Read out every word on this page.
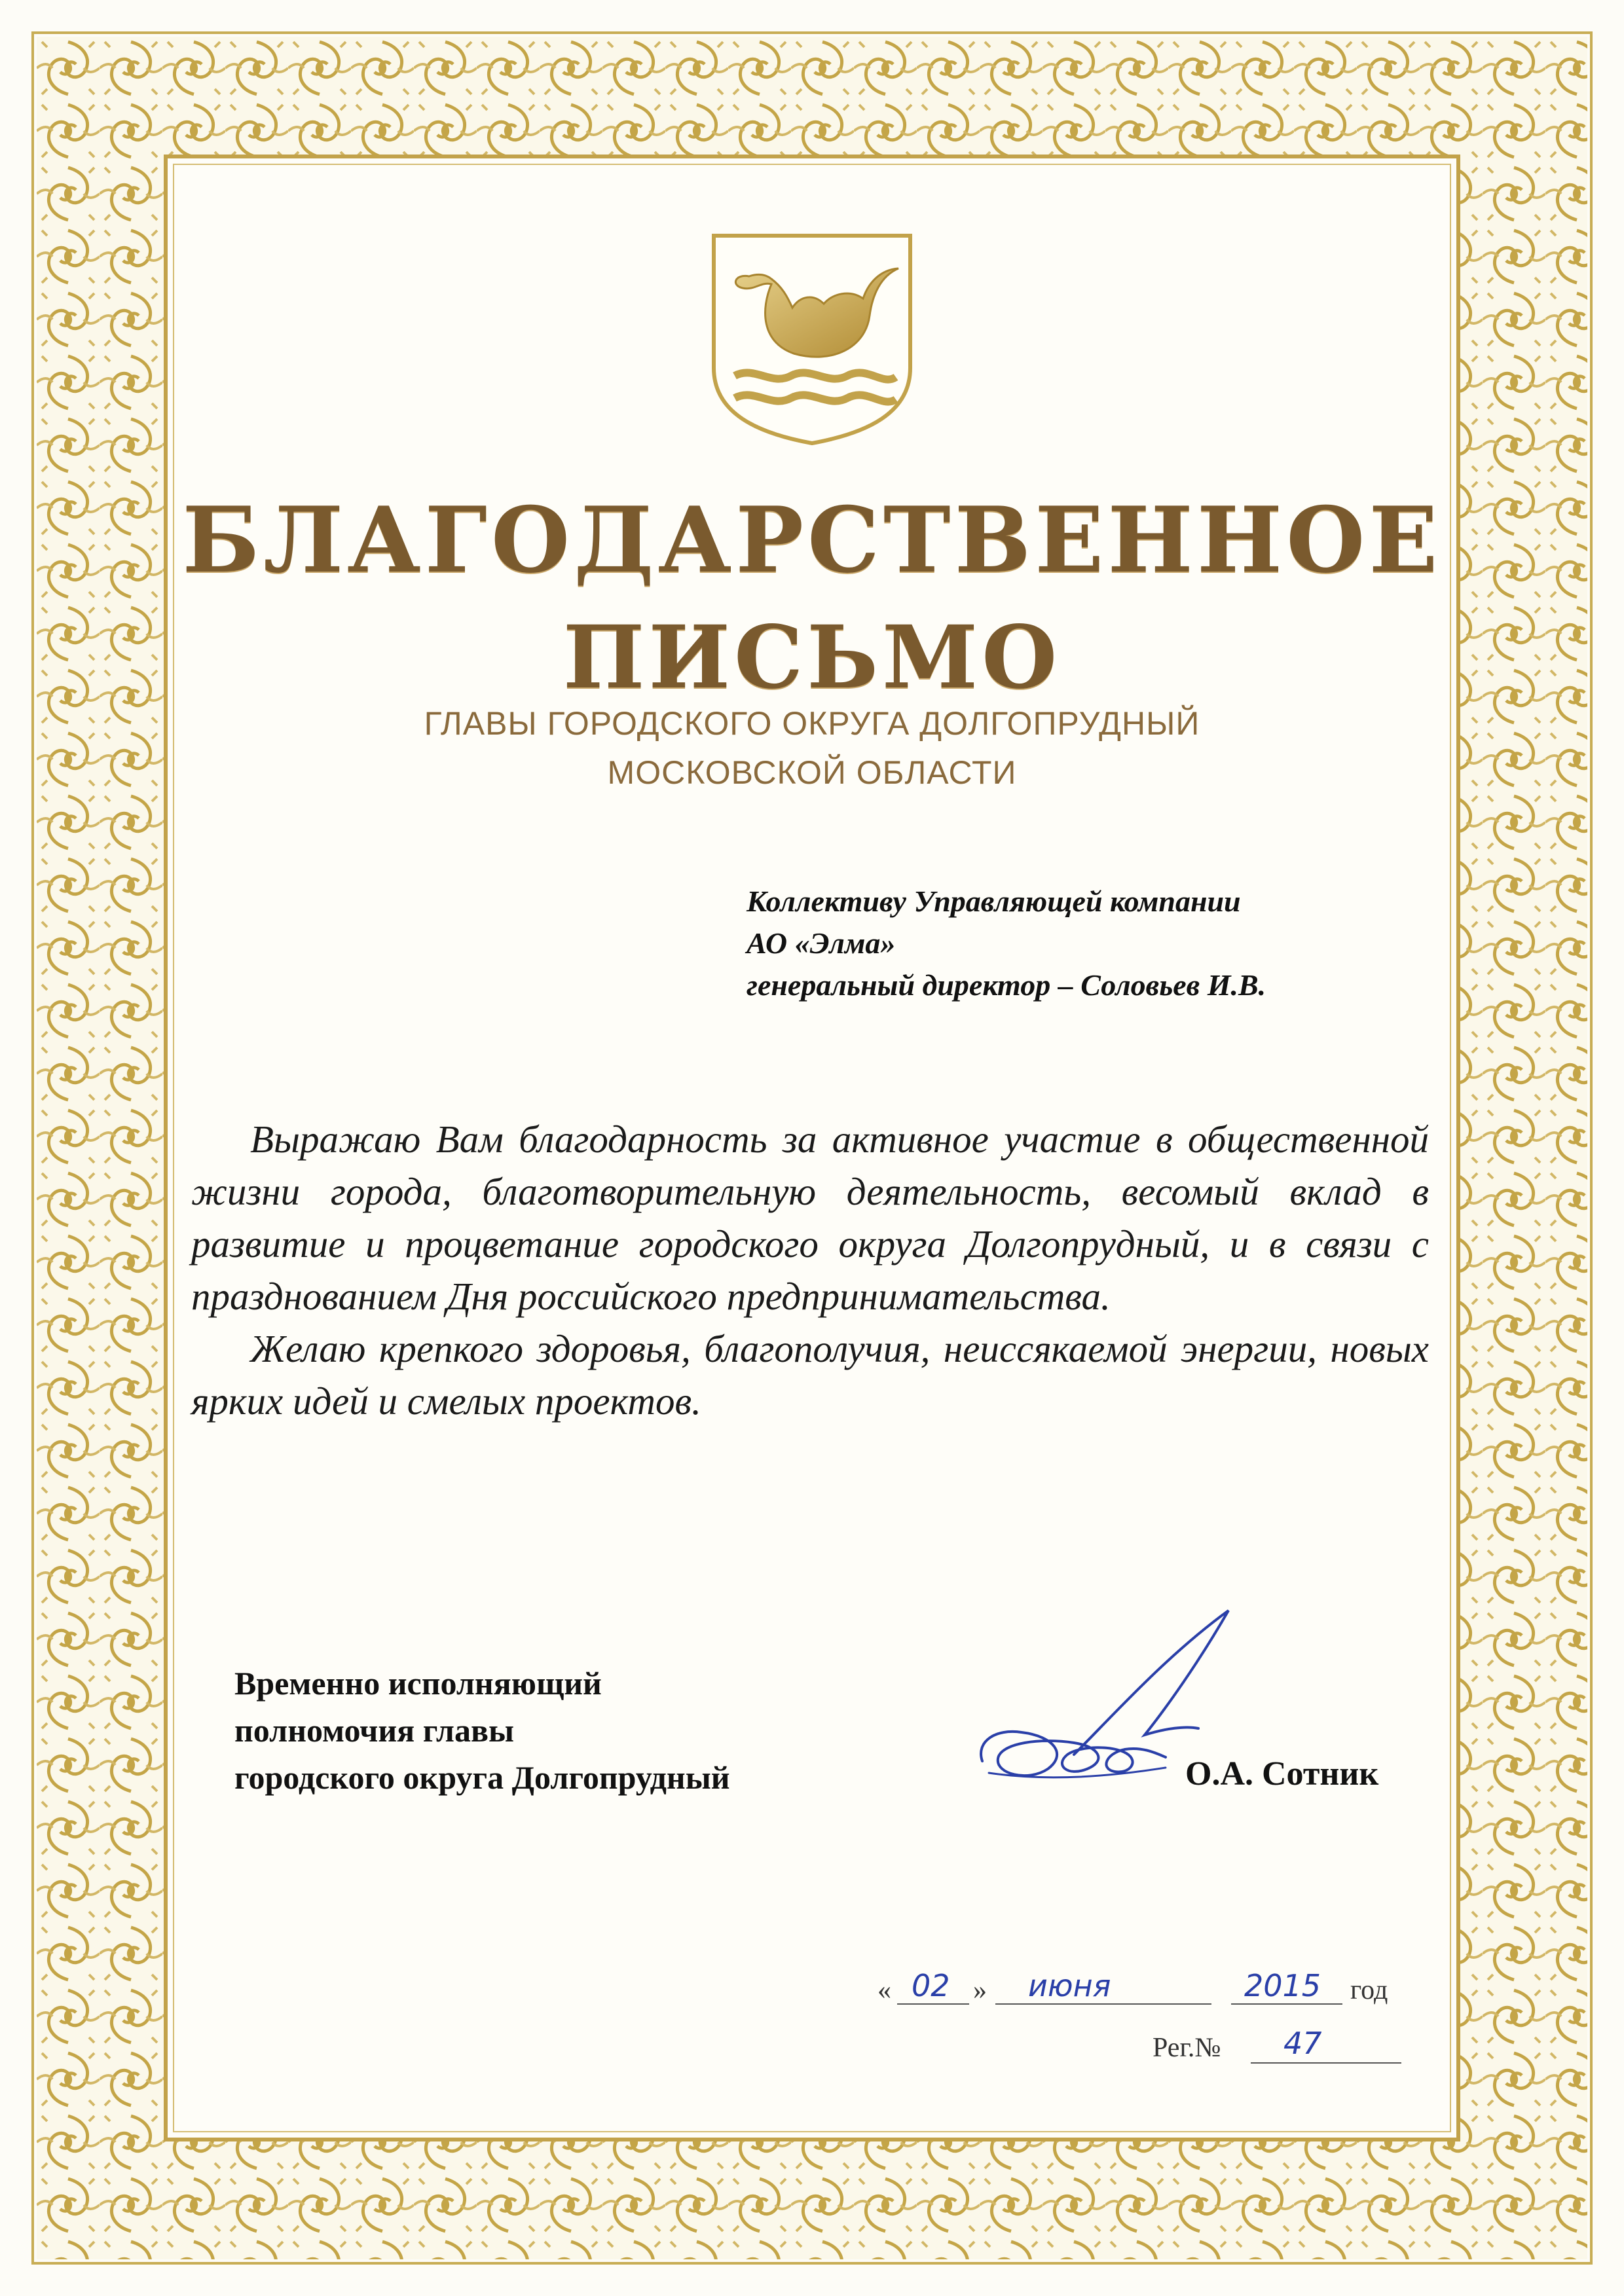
БЛАГОДАРСТВЕННОЕ
ПИСЬМО
ГЛАВЫ ГОРОДСКОГО ОКРУГА ДОЛГОПРУДНЫЙ
МОСКОВСКОЙ ОБЛАСТИ
Коллективу Управляющей компании
АО «Элма»
генеральный директор – Соловьев И.В.

Выражаю Вам благодарность за активное участие в общественной жизни города, благотворительную деятельность, весомый вклад в развитие и процветание городского округа Долгопрудный, и в связи с празднованием Дня российского предпринимательства.

Желаю крепкого здоровья, благополучия, неиссякаемой энергии, новых ярких идей и смелых проектов.

Временно исполняющий
полномочия главы
городского округа Долгопрудный	О.А. Сотник
« 02 » июня	2015 год
Рег.№ 47
